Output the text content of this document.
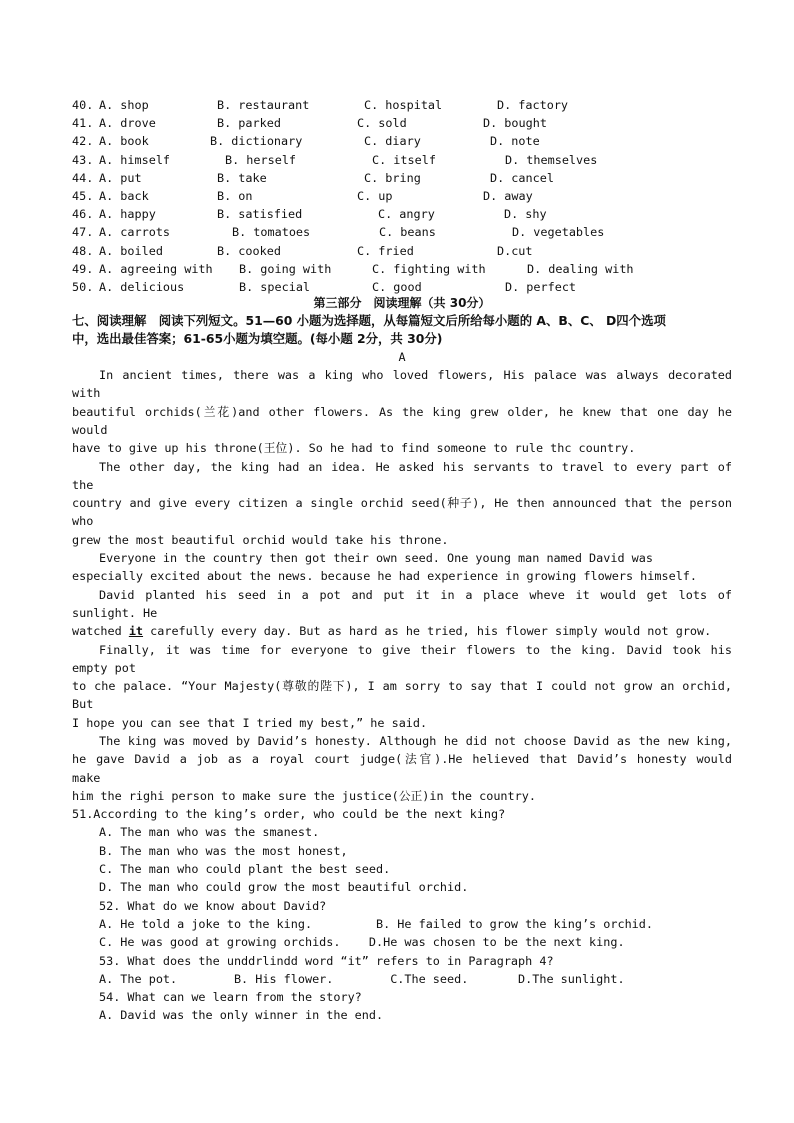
40. A. shop	B. restaurant	C. hospital	D. factory
41. A. drove	B. parked	C. sold	D. bought
42. A. book	B. dictionary	C. diary	D. note
43. A. himself	B. herself	C. itself	D. themselves
44. A. put	B. take	C. bring	D. cancel
45. A. back	B. on	C. up	D. away
46. A. happy	B. satisfied	C. angry	D. shy
47. A. carrots	B. tomatoes	C. beans	D. vegetables
48. A. boiled	B. cooked	C. fried	D.cut
49. A. agreeing with	B. going with	C. fighting with	D. dealing with
50. A. delicious	B. special	C. good	D. perfect
第三部分　阅读理解（共 30分）
七、阅读理解　阅读下列短文。51—60 小题为选择题，从每篇短文后所给每小题的 A、B、C、 D四个选项
中，选出最佳答案；61-65小题为填空题。(每小题 2分，共 30分)
A
In ancient times, there was a king who loved flowers, His palace was always decorated
with
beautiful orchids(兰花)and other flowers. As the king grew older, he knew that one day he
would
have to give up his throne(王位). So he had to find someone to rule thc country.
The other day, the king had an idea. He asked his servants to travel to every part of
the
country and give every citizen a single orchid seed(种子), He then announced that the person
who
grew the most beautiful orchid would take his throne.
Everyone in the country then got their own seed. One young man named David was
especially excited about the news. because he had experience in growing flowers himself.
David planted his seed in a pot and put it in a place wheve it would get lots of
sunlight. He
watched it carefully every day. But as hard as he tried, his flower simply would not grow.
Finally, it was time for everyone to give their flowers to the king. David took his
empty pot
to che palace. “Your Majesty(尊敬的陛下), I am sorry to say that I could not grow an orchid,
But
I hope you can see that I tried my best,” he said.
The king was moved by David’s honesty. Although he did not choose David as the new king,
he gave David a job as a royal court judge(法官).He helieved that David’s honesty would
make
him the righi person to make sure the justice(公正)in the country.
51.According to the king’s order, who could be the next king?
A. The man who was the smanest.
B. The man who was the most honest,
C. The man who could plant the best seed.
D. The man who could grow the most beautiful orchid.
52. What do we know about David?
A. He told a joke to the king.         B. He failed to grow the king’s orchid.
C. He was good at growing orchids.    D.He was chosen to be the next king.
53. What does the unddrlindd word “it” refers to in Paragraph 4?
A. The pot.        B. His flower.        C.The seed.       D.The sunlight.
54. What can we learn from the story?
A. David was the only winner in the end.
